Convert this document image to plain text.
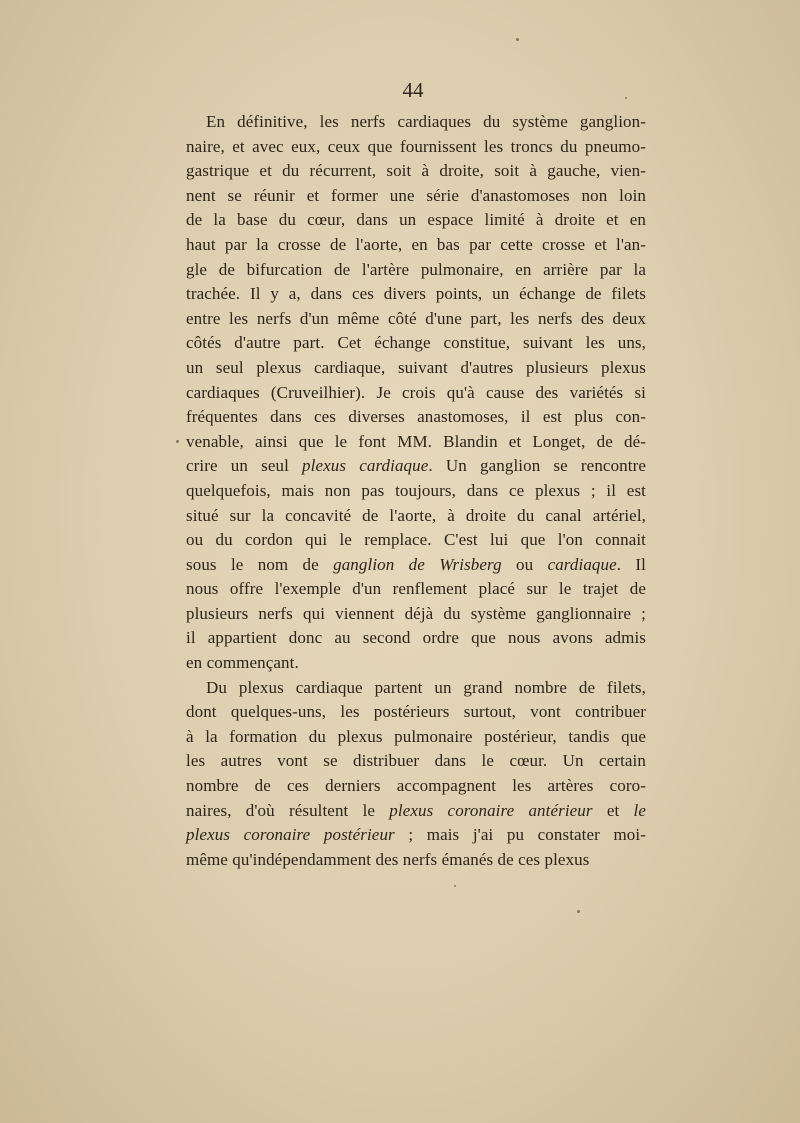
44
En définitive, les nerfs cardiaques du système ganglion-
naire, et avec eux, ceux que fournissent les troncs du pneumo-
gastrique et du récurrent, soit à droite, soit à gauche, vien-
nent se réunir et former une série d'anastomoses non loin
de la base du cœur, dans un espace limité à droite et en
haut par la crosse de l'aorte, en bas par cette crosse et l'an-
gle de bifurcation de l'artère pulmonaire, en arrière par la
trachée. Il y a, dans ces divers points, un échange de filets
entre les nerfs d'un même côté d'une part, les nerfs des deux
côtés d'autre part. Cet échange constitue, suivant les uns,
un seul plexus cardiaque, suivant d'autres plusieurs plexus
cardiaques (Cruveilhier). Je crois qu'à cause des variétés si
fréquentes dans ces diverses anastomoses, il est plus con-
venable, ainsi que le font MM. Blandin et Longet, de dé-
crire un seul plexus cardiaque. Un ganglion se rencontre
quelquefois, mais non pas toujours, dans ce plexus ; il est
situé sur la concavité de l'aorte, à droite du canal artériel,
ou du cordon qui le remplace. C'est lui que l'on connait
sous le nom de ganglion de Wrisberg ou cardiaque. Il
nous offre l'exemple d'un renflement placé sur le trajet de
plusieurs nerfs qui viennent déjà du système ganglionnaire ;
il appartient donc au second ordre que nous avons admis
en commençant.
Du plexus cardiaque partent un grand nombre de filets,
dont quelques-uns, les postérieurs surtout, vont contribuer
à la formation du plexus pulmonaire postérieur, tandis que
les autres vont se distribuer dans le cœur. Un certain
nombre de ces derniers accompagnent les artères coro-
naires, d'où résultent le plexus coronaire antérieur et le
plexus coronaire postérieur ; mais j'ai pu constater moi-
même qu'indépendamment des nerfs émanés de ces plexus
